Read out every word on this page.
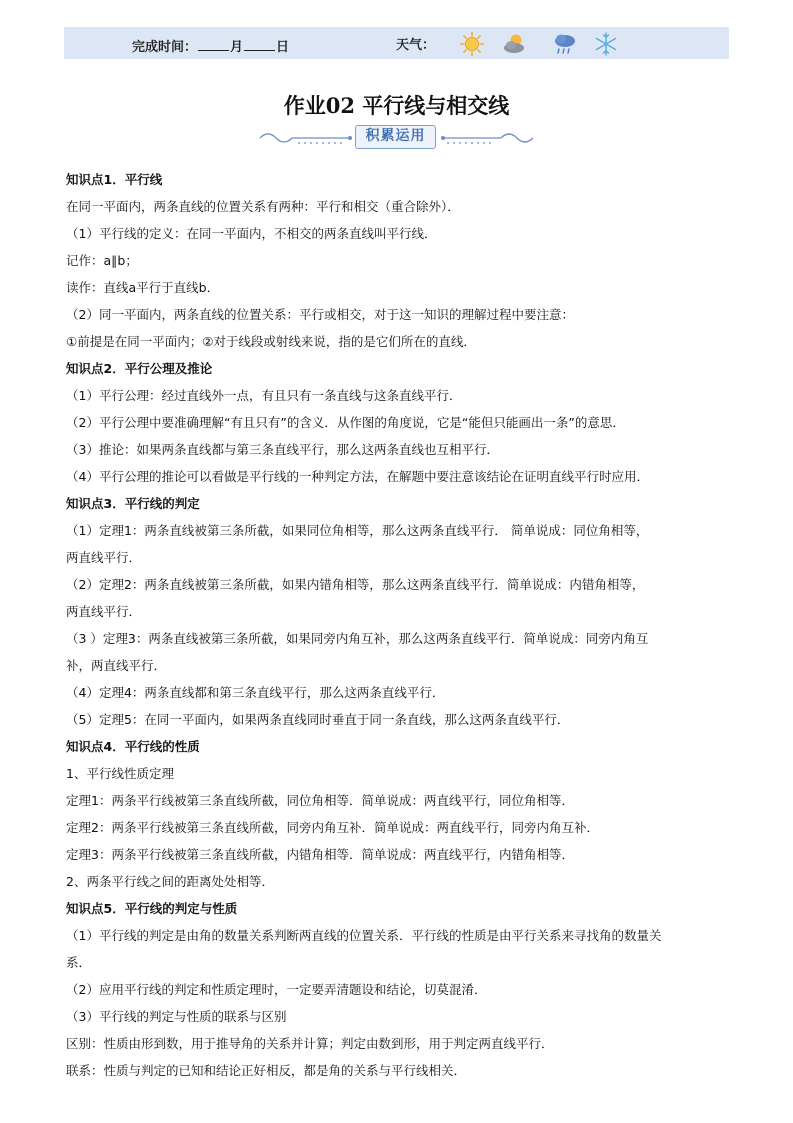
完成时间：	月	日	天气：
作业02 平行线与相交线
积累运用
知识点1．平行线
在同一平面内，两条直线的位置关系有两种：平行和相交（重合除外）．
（1）平行线的定义：在同一平面内，不相交的两条直线叫平行线．
记作：a∥b；
读作：直线a平行于直线b．
（2）同一平面内，两条直线的位置关系：平行或相交，对于这一知识的理解过程中要注意：
①前提是在同一平面内；②对于线段或射线来说，指的是它们所在的直线．
知识点2．平行公理及推论
（1）平行公理：经过直线外一点，有且只有一条直线与这条直线平行．
（2）平行公理中要准确理解“有且只有”的含义．从作图的角度说，它是“能但只能画出一条”的意思．
（3）推论：如果两条直线都与第三条直线平行，那么这两条直线也互相平行．
（4）平行公理的推论可以看做是平行线的一种判定方法，在解题中要注意该结论在证明直线平行时应用．
知识点3．平行线的判定
（1）定理1：两条直线被第三条所截，如果同位角相等，那么这两条直线平行． 简单说成：同位角相等，
两直线平行．
（2）定理2：两条直线被第三条所截，如果内错角相等，那么这两条直线平行．简单说成：内错角相等，
两直线平行．
（3 ）定理3：两条直线被第三条所截，如果同旁内角互补，那么这两条直线平行．简单说成：同旁内角互
补，两直线平行．
（4）定理4：两条直线都和第三条直线平行，那么这两条直线平行．
（5）定理5：在同一平面内，如果两条直线同时垂直于同一条直线，那么这两条直线平行．
知识点4．平行线的性质
1、平行线性质定理
定理1：两条平行线被第三条直线所截，同位角相等．简单说成：两直线平行，同位角相等．
定理2：两条平行线被第三条直线所截，同旁内角互补．简单说成：两直线平行，同旁内角互补．
定理3：两条平行线被第三条直线所截，内错角相等．简单说成：两直线平行，内错角相等．
2、两条平行线之间的距离处处相等．
知识点5．平行线的判定与性质
（1）平行线的判定是由角的数量关系判断两直线的位置关系．平行线的性质是由平行关系来寻找角的数量关
系．
（2）应用平行线的判定和性质定理时，一定要弄清题设和结论，切莫混淆．
（3）平行线的判定与性质的联系与区别
区别：性质由形到数，用于推导角的关系并计算；判定由数到形，用于判定两直线平行．
联系：性质与判定的已知和结论正好相反，都是角的关系与平行线相关．
